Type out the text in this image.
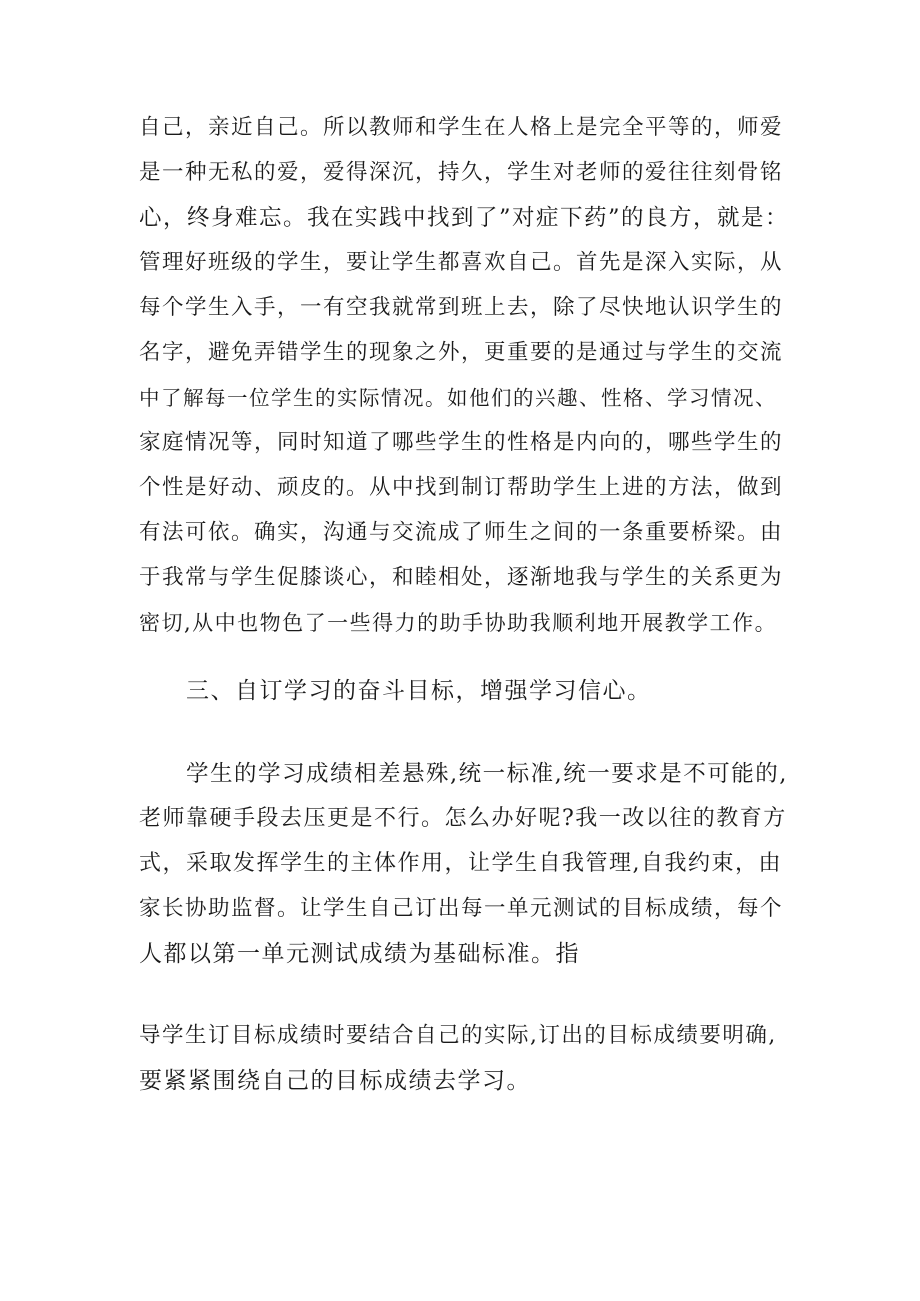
自己，亲近自己。所以教师和学生在人格上是完全平等的，师爱
是一种无私的爱，爱得深沉，持久，学生对老师的爱往往刻骨铭
心，终身难忘。我在实践中找到了”对症下药”的良方，就是：
管理好班级的学生，要让学生都喜欢自己。首先是深入实际，从
每个学生入手，一有空我就常到班上去，除了尽快地认识学生的
名字，避免弄错学生的现象之外，更重要的是通过与学生的交流
中了解每一位学生的实际情况。如他们的兴趣、性格、学习情况、
家庭情况等，同时知道了哪些学生的性格是内向的，哪些学生的
个性是好动、顽皮的。从中找到制订帮助学生上进的方法，做到
有法可依。确实，沟通与交流成了师生之间的一条重要桥梁。由
于我常与学生促膝谈心，和睦相处，逐渐地我与学生的关系更为
密切,从中也物色了一些得力的助手协助我顺利地开展教学工作。
三、自订学习的奋斗目标，增强学习信心。
学生的学习成绩相差悬殊,统一标准,统一要求是不可能的,
老师靠硬手段去压更是不行。怎么办好呢?我一改以往的教育方
式，采取发挥学生的主体作用，让学生自我管理,自我约束，由
家长协助监督。让学生自己订出每一单元测试的目标成绩，每个
人都以第一单元测试成绩为基础标准。指
导学生订目标成绩时要结合自己的实际,订出的目标成绩要明确,
要紧紧围绕自己的目标成绩去学习。
